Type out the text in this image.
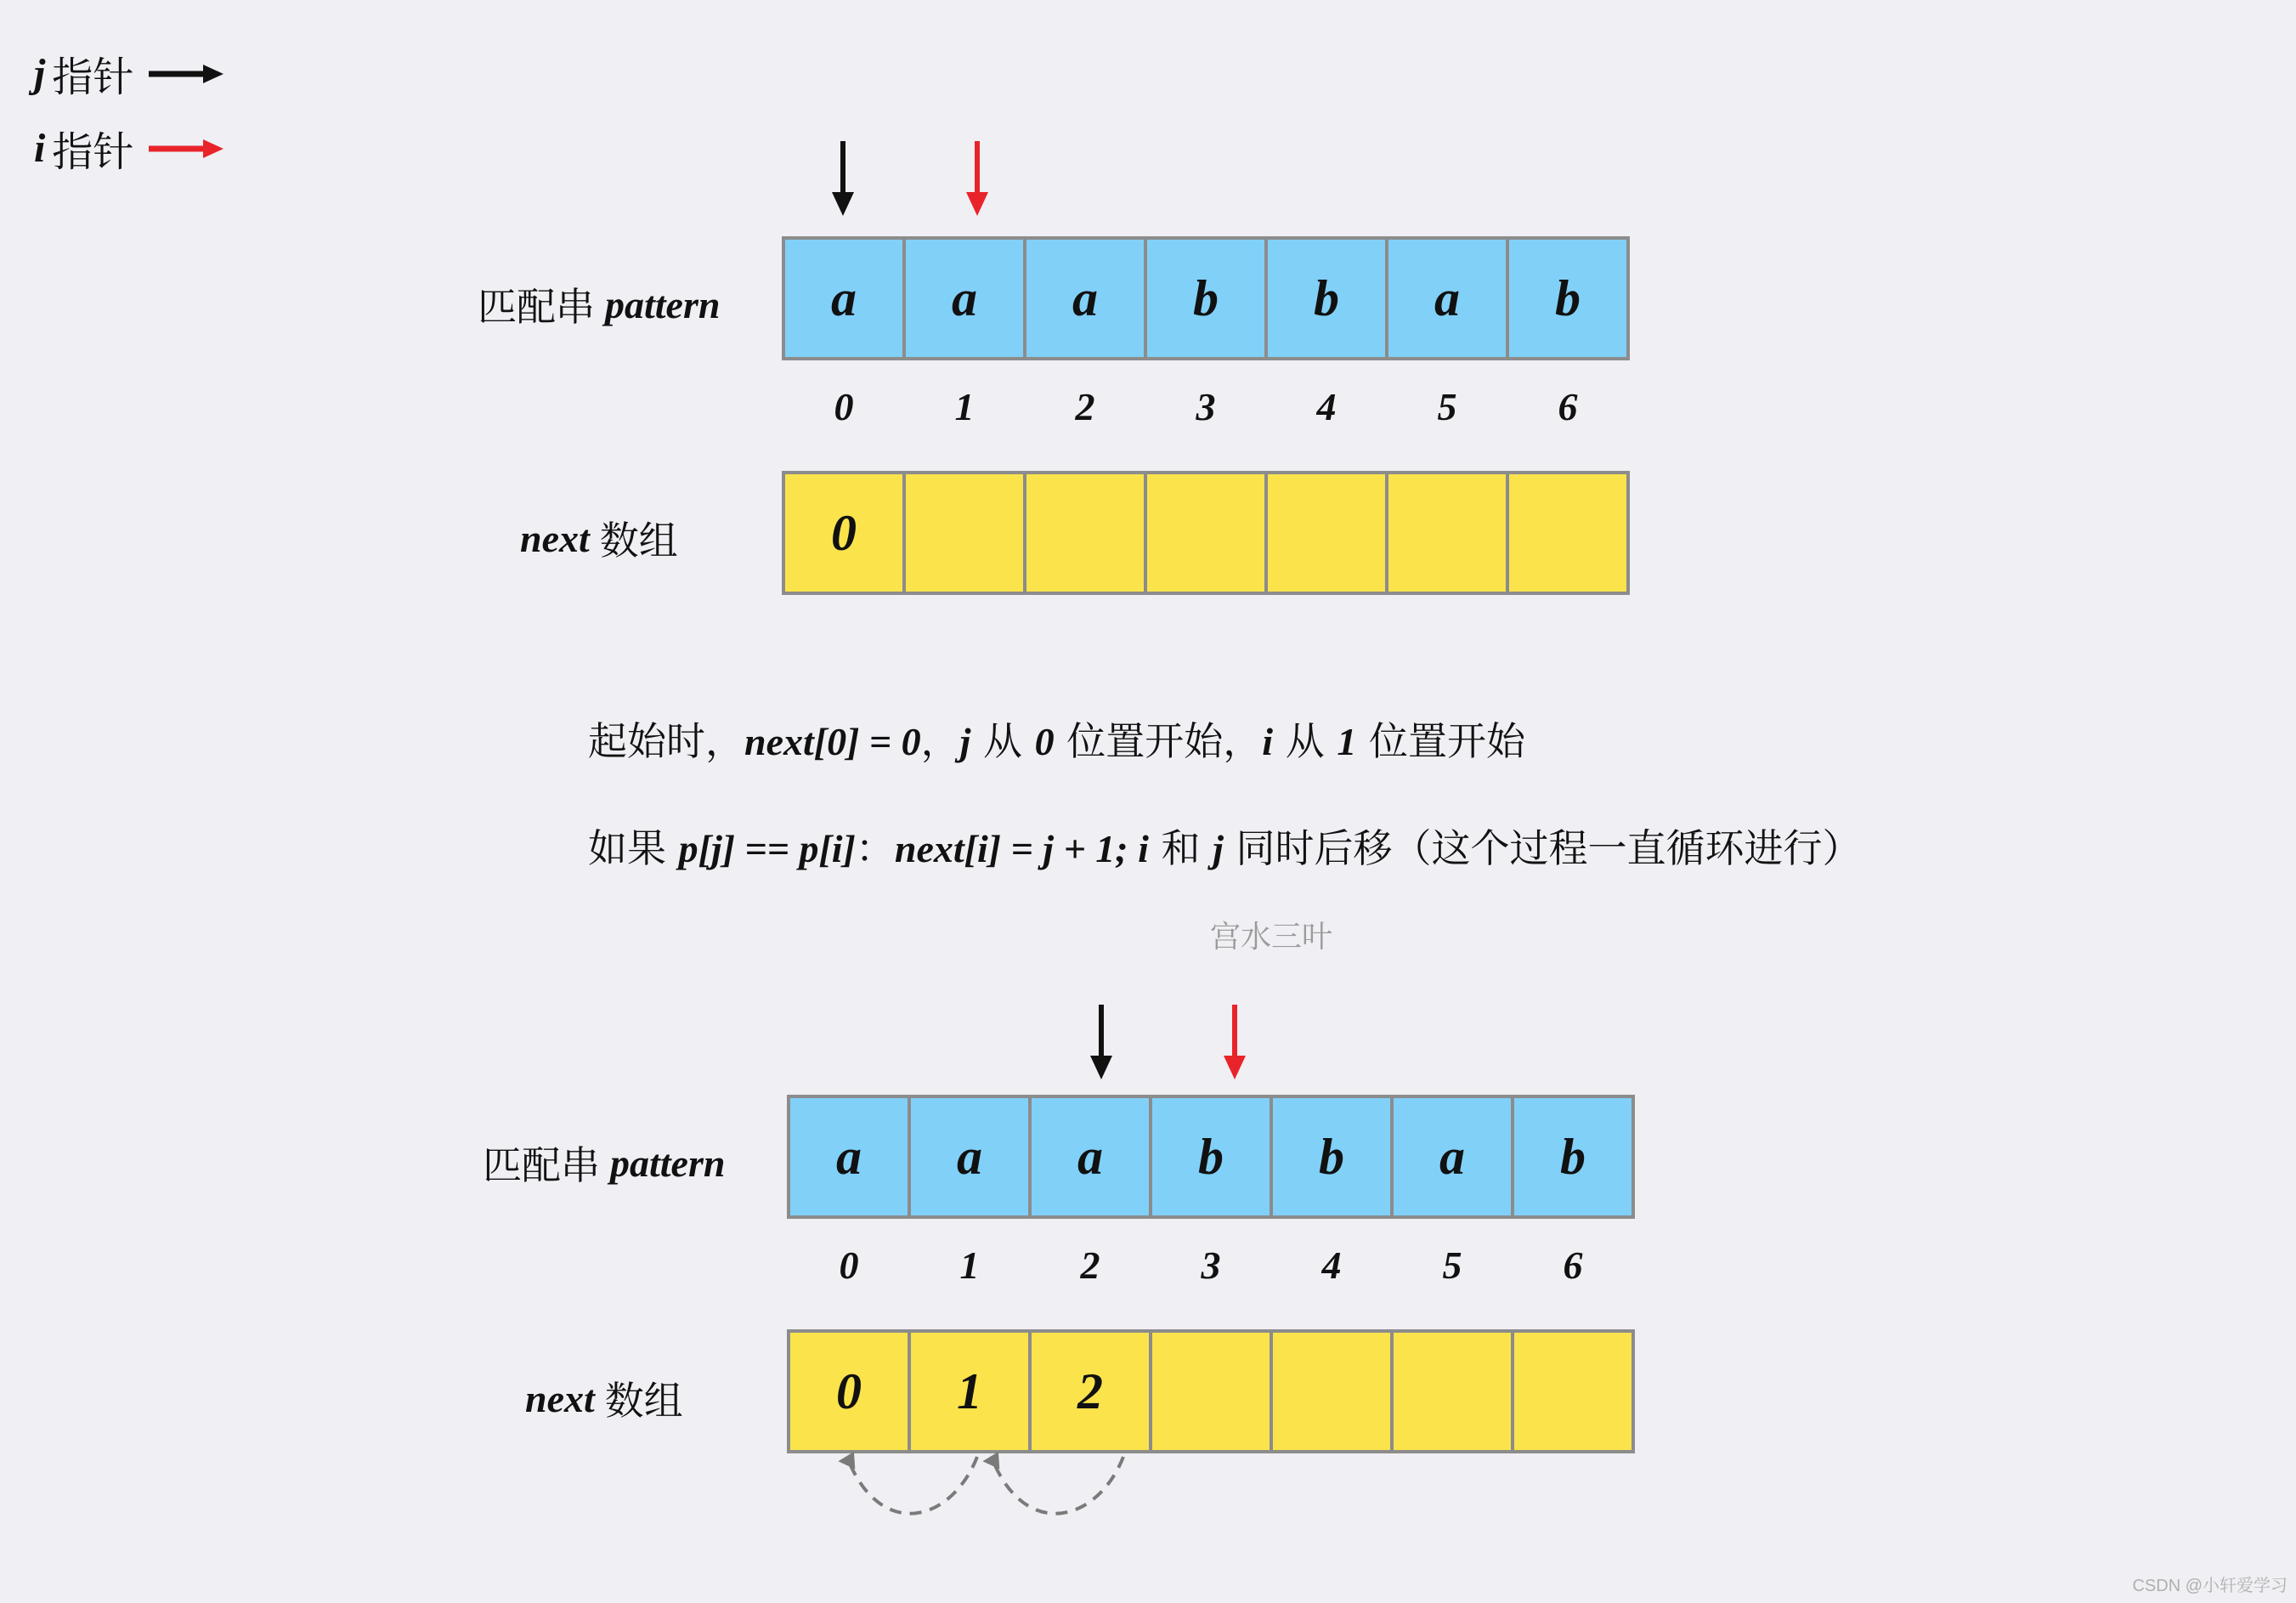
j 指针
i 指针
匹配串 pattern	a	a	a	b	b	a	b
0	1	2	3	4	5	6
next 数组	0
起始时，next[0] = 0，j 从 0 位置开始，i 从 1 位置开始
如果 p[j] == p[i]：next[i] = j + 1; i 和 j 同时后移（这个过程一直循环进行）
宫水三叶
匹配串 pattern	a	a	a	b	b	a	b
0	1	2	3	4	5	6
next 数组	0	1	2
CSDN @小轩爱学习
